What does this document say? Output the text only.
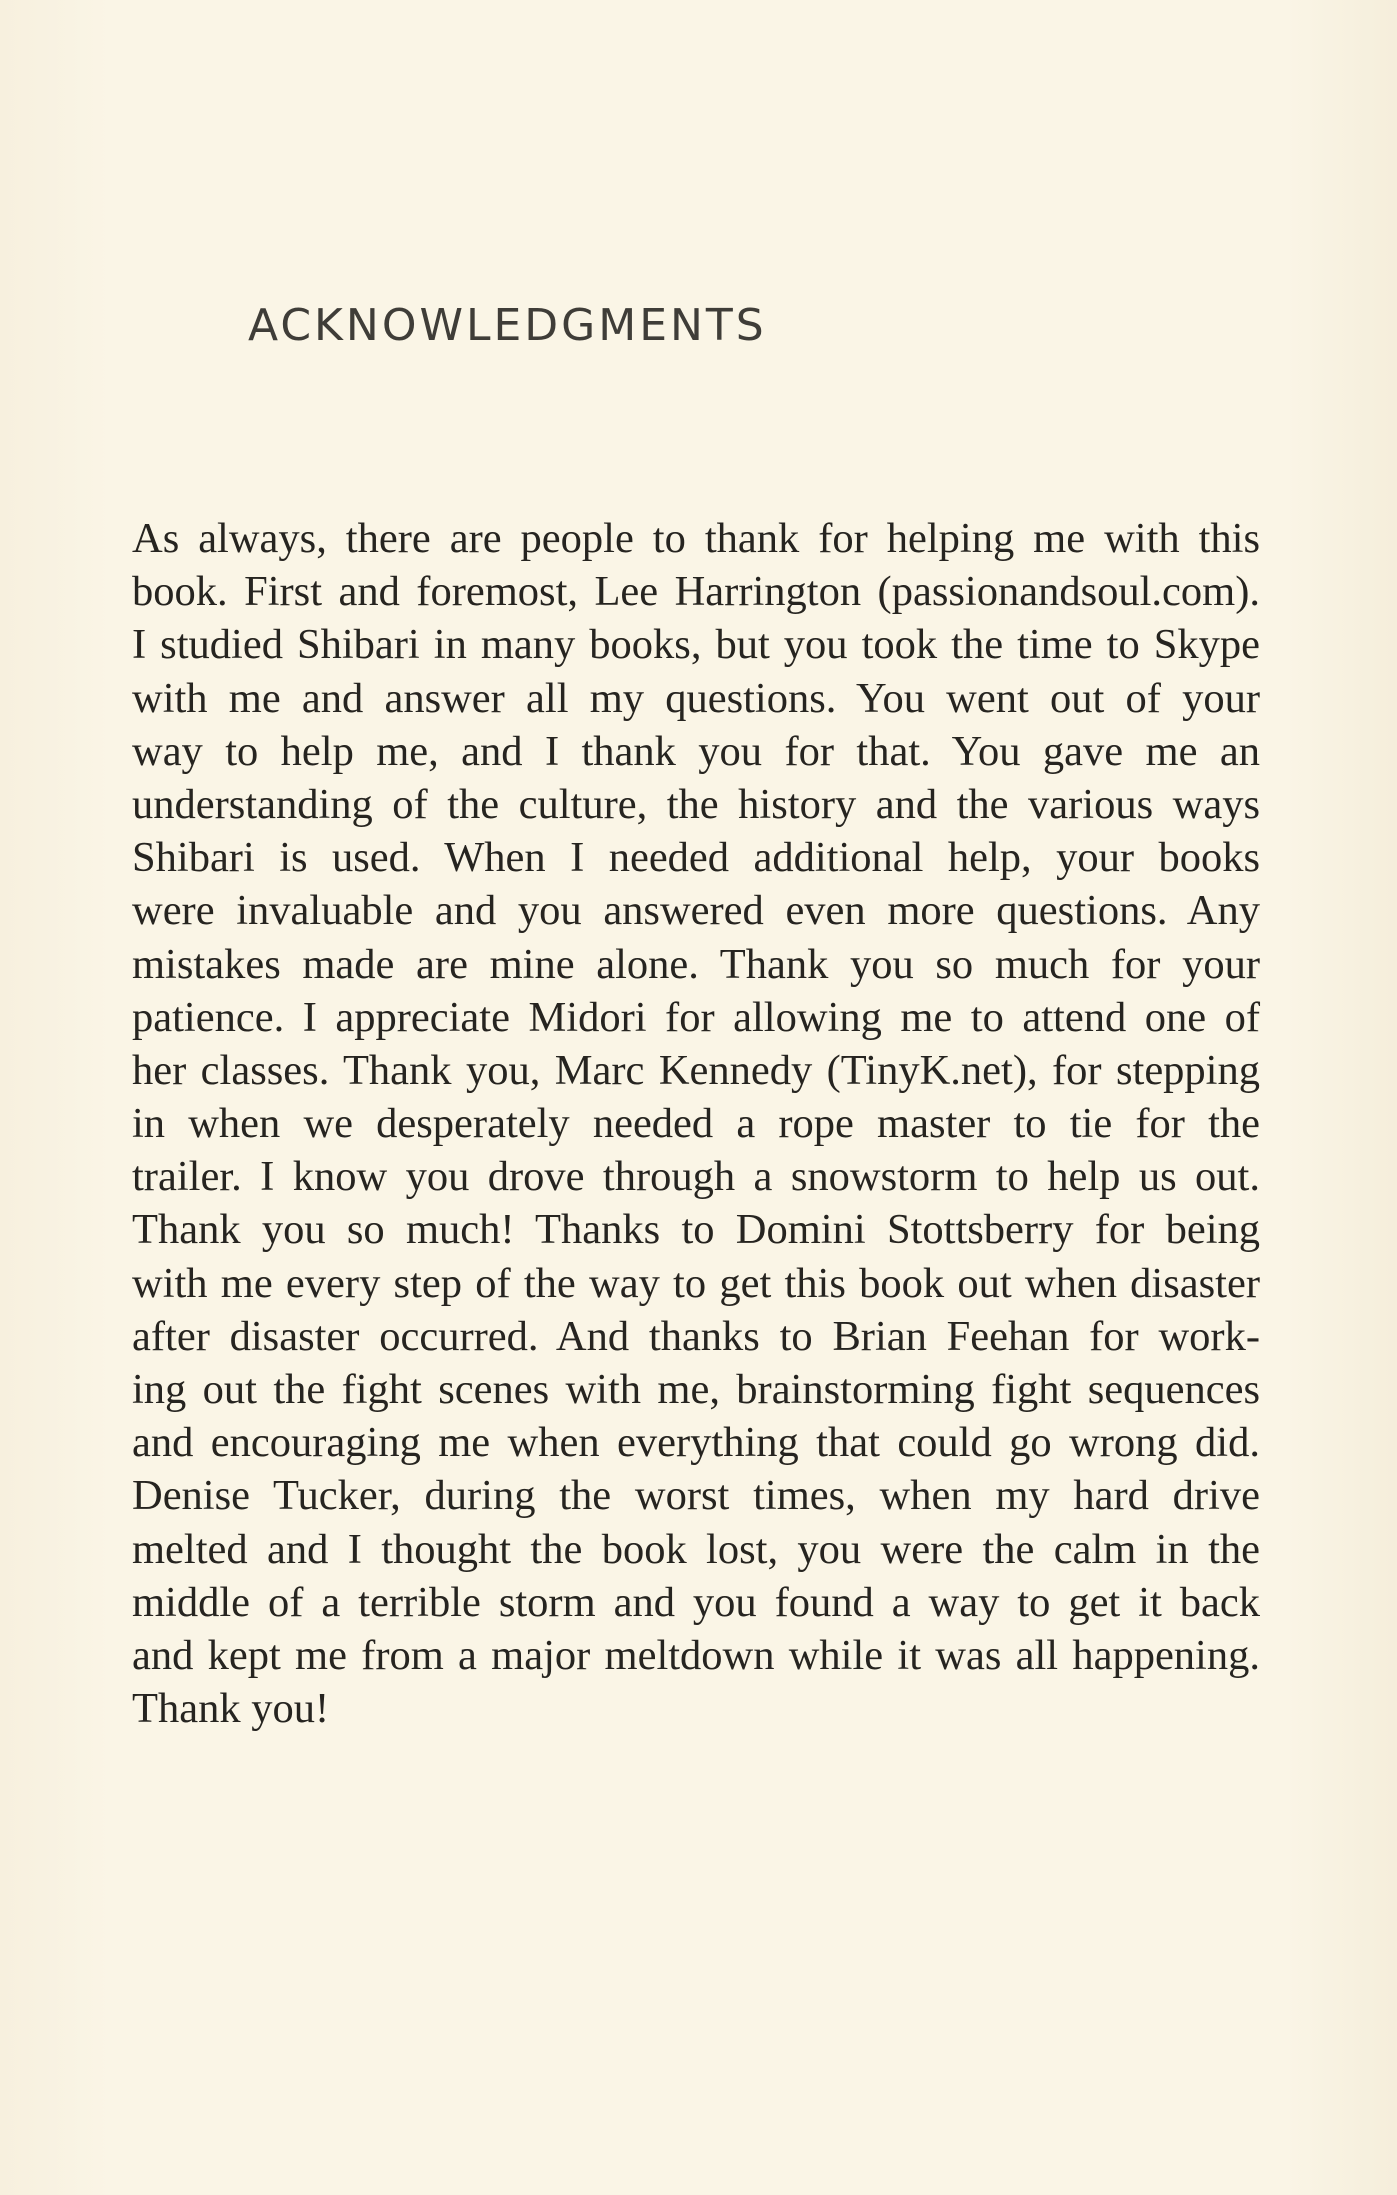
ACKNOWLEDGMENTS
As always, there are people to thank for helping me with this
book. First and foremost, Lee Harrington (passionandsoul.com).
I studied Shibari in many books, but you took the time to Skype
with me and answer all my questions. You went out of your
way to help me, and I thank you for that. You gave me an
understanding of the culture, the history and the various ways
Shibari is used. When I needed additional help, your books
were invaluable and you answered even more questions. Any
mistakes made are mine alone. Thank you so much for your
patience. I appreciate Midori for allowing me to attend one of
her classes. Thank you, Marc Kennedy (TinyK.net), for stepping
in when we desperately needed a rope master to tie for the
trailer. I know you drove through a snowstorm to help us out.
Thank you so much! Thanks to Domini Stottsberry for being
with me every step of the way to get this book out when disaster
after disaster occurred. And thanks to Brian Feehan for work-
ing out the fight scenes with me, brainstorming fight sequences
and encouraging me when everything that could go wrong did.
Denise Tucker, during the worst times, when my hard drive
melted and I thought the book lost, you were the calm in the
middle of a terrible storm and you found a way to get it back
and kept me from a major meltdown while it was all happening.
Thank you!
